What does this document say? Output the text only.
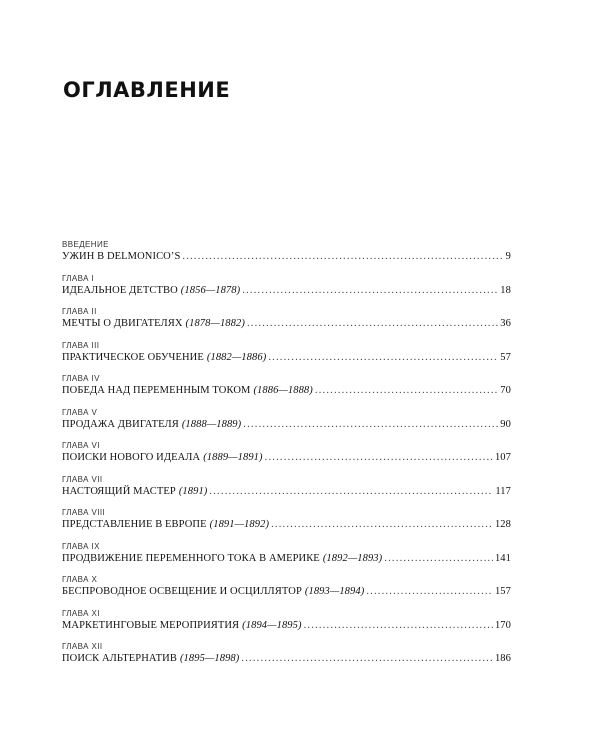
ОГЛАВЛЕНИЕ
ВВЕДЕНИЕ
УЖИН В DELMONICO’S .....	9
ГЛАВА I
ИДЕАЛЬНОЕ ДЕТСТВО (1856—1878) .....	18
ГЛАВА II
МЕЧТЫ О ДВИГАТЕЛЯХ (1878—1882) .....	36
ГЛАВА III
ПРАКТИЧЕСКОЕ ОБУЧЕНИЕ (1882—1886) .....	57
ГЛАВА IV
ПОБЕДА НАД ПЕРЕМЕННЫМ ТОКОМ (1886—1888) .....	70
ГЛАВА V
ПРОДАЖА ДВИГАТЕЛЯ (1888—1889) .....	90
ГЛАВА VI
ПОИСКИ НОВОГО ИДЕАЛА (1889—1891) .....	107
ГЛАВА VII
НАСТОЯЩИЙ МАСТЕР (1891) .....	117
ГЛАВА VIII
ПРЕДСТАВЛЕНИЕ В ЕВРОПЕ (1891—1892) .....	128
ГЛАВА IX
ПРОДВИЖЕНИЕ ПЕРЕМЕННОГО ТОКА В АМЕРИКЕ (1892—1893) .....	141
ГЛАВА X
БЕСПРОВОДНОЕ ОСВЕЩЕНИЕ И ОСЦИЛЛЯТОР (1893—1894) .....	157
ГЛАВА XI
МАРКЕТИНГОВЫЕ МЕРОПРИЯТИЯ (1894—1895) .....	170
ГЛАВА XII
ПОИСК АЛЬТЕРНАТИВ (1895—1898) .....	186
